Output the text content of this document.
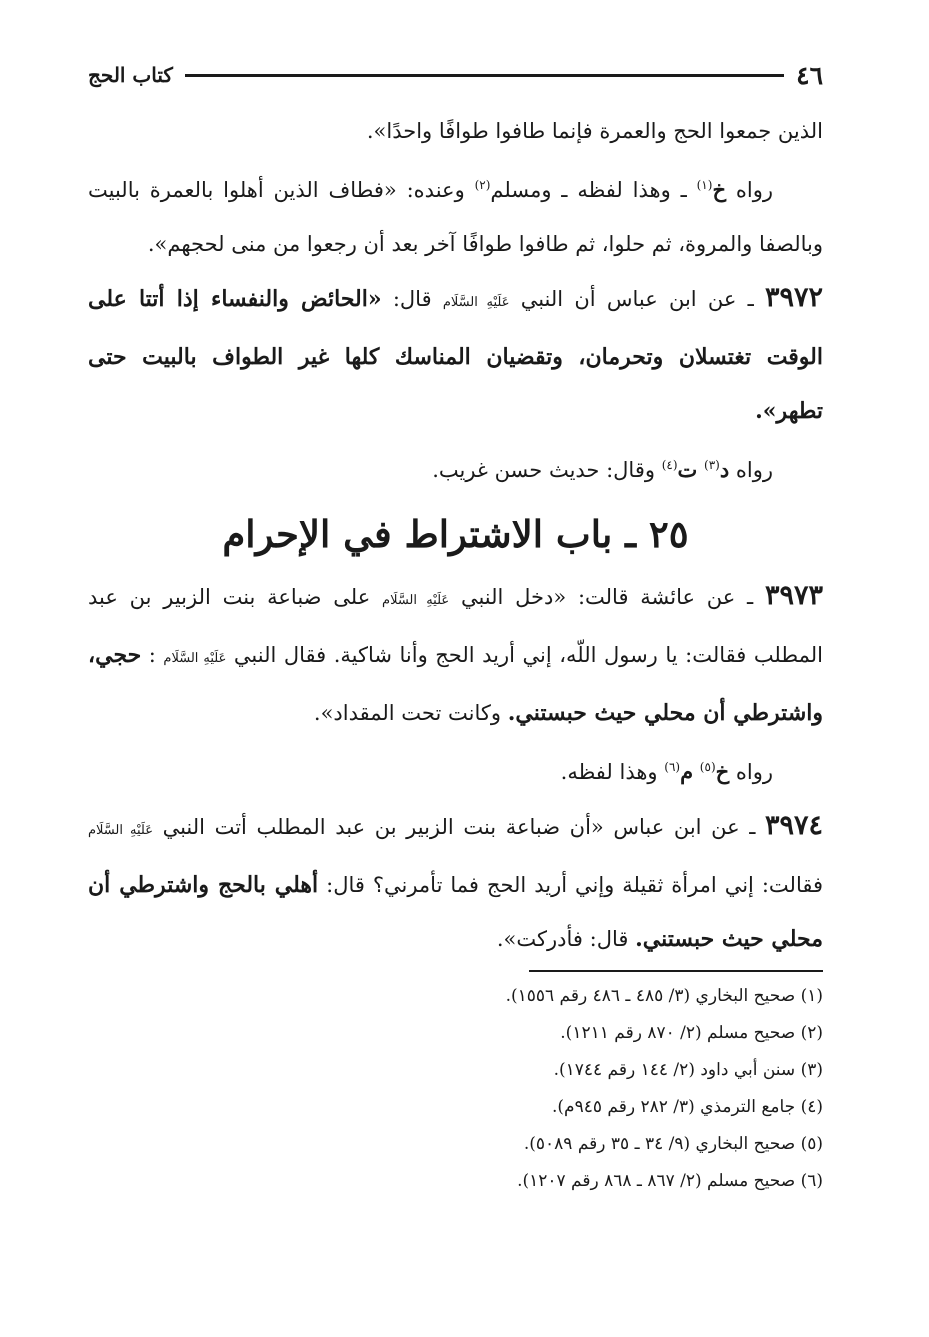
٤٦
كتاب الحج

الذين جمعوا الحج والعمرة فإنما طافوا طوافًا واحدًا».

رواه خ$^{(١)}$ ـ وهذا لفظه ـ ومسلم$^{(٢)}$ وعنده: «فطاف الذين أهلوا بالعمرة بالبيت وبالصفا والمروة، ثم حلوا، ثم طافوا طوافًا آخر بعد أن رجعوا من منى لحجهم».

٣٩٧٢ ـ عن ابن عباس أن النبي عَلَيْهِ السَّلَام قال: «الحائض والنفساء إذا أتتا على الوقت تغتسلان وتحرمان، وتقضيان المناسك كلها غير الطواف بالبيت حتى تطهر».

رواه د$^{(٣)}$ ت$^{(٤)}$ وقال: حديث حسن غريب.

٢٥ ـ باب الاشتراط في الإحرام

٣٩٧٣ ـ عن عائشة قالت: «دخل النبي عَلَيْهِ السَّلَام على ضباعة بنت الزبير بن عبد المطلب فقالت: يا رسول اللّه، إني أريد الحج وأنا شاكية. فقال النبي عَلَيْهِ السَّلَام : حجي، واشترطي أن محلي حيث حبستني. وكانت تحت المقداد».

رواه خ$^{(٥)}$ م$^{(٦)}$ وهذا لفظه.

٣٩٧٤ ـ عن ابن عباس «أن ضباعة بنت الزبير بن عبد المطلب أتت النبي عَلَيْهِ السَّلَام فقالت: إني امرأة ثقيلة وإني أريد الحج فما تأمرني؟ قال: أهلي بالحج واشترطي أن محلي حيث حبستني. قال: فأدركت».

(١) صحيح البخاري (٣/ ٤٨٥ ـ ٤٨٦ رقم ١٥٥٦).
(٢) صحيح مسلم (٢/ ٨٧٠ رقم ١٢١١).
(٣) سنن أبي داود (٢/ ١٤٤ رقم ١٧٤٤).
(٤) جامع الترمذي (٣/ ٢٨٢ رقم ٩٤٥م).
(٥) صحيح البخاري (٩/ ٣٤ ـ ٣٥ رقم ٥٠٨٩).
(٦) صحيح مسلم (٢/ ٨٦٧ ـ ٨٦٨ رقم ١٢٠٧).
